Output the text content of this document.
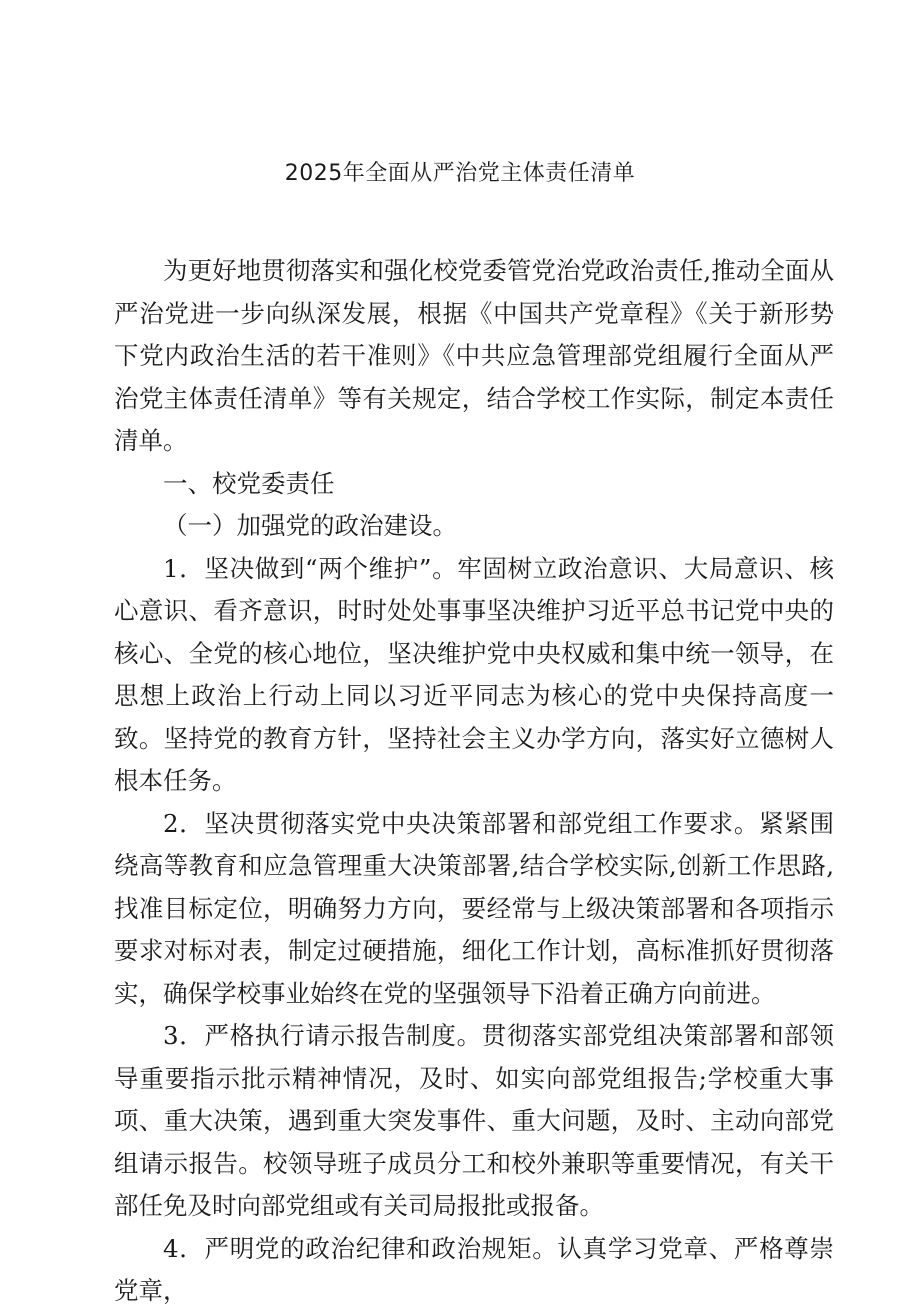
2025年全面从严治党主体责任清单

为更好地贯彻落实和强化校党委管党治党政治责任,推动全面从严治党进一步向纵深发展，根据《中国共产党章程》《关于新形势下党内政治生活的若干准则》《中共应急管理部党组履行全面从严治党主体责任清单》等有关规定，结合学校工作实际，制定本责任清单。

一、校党委责任

（一）加强党的政治建设。

1．坚决做到“两个维护”。牢固树立政治意识、大局意识、核心意识、看齐意识，时时处处事事坚决维护习近平总书记党中央的核心、全党的核心地位，坚决维护党中央权威和集中统一领导，在思想上政治上行动上同以习近平同志为核心的党中央保持高度一致。坚持党的教育方针，坚持社会主义办学方向，落实好立德树人根本任务。

2．坚决贯彻落实党中央决策部署和部党组工作要求。紧紧围绕高等教育和应急管理重大决策部署,结合学校实际,创新工作思路,找准目标定位，明确努力方向，要经常与上级决策部署和各项指示要求对标对表，制定过硬措施，细化工作计划，高标准抓好贯彻落实，确保学校事业始终在党的坚强领导下沿着正确方向前进。

3．严格执行请示报告制度。贯彻落实部党组决策部署和部领导重要指示批示精神情况，及时、如实向部党组报告;学校重大事项、重大决策，遇到重大突发事件、重大问题，及时、主动向部党组请示报告。校领导班子成员分工和校外兼职等重要情况，有关干部任免及时向部党组或有关司局报批或报备。

4．严明党的政治纪律和政治规矩。认真学习党章、严格尊崇党章，
